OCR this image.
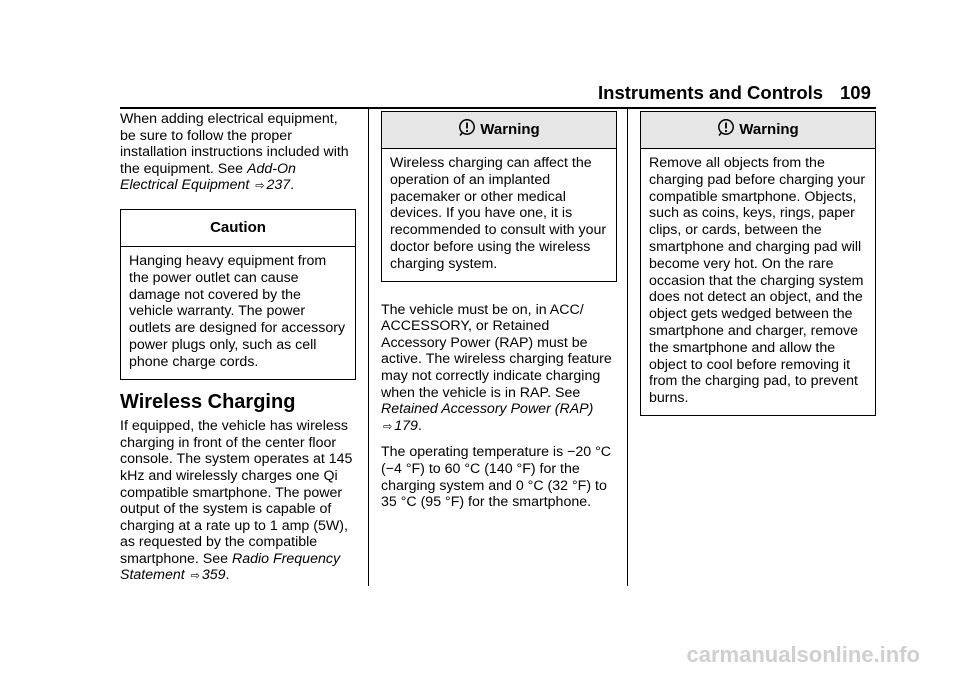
Instruments and Controls 109

When adding electrical equipment, be sure to follow the proper installation instructions included with the equipment. See Add-On Electrical Equipment ⇨ 237.

Caution
Hanging heavy equipment from the power outlet can cause damage not covered by the vehicle warranty. The power outlets are designed for accessory power plugs only, such as cell phone charge cords.
Wireless Charging

If equipped, the vehicle has wireless charging in front of the center floor console. The system operates at 145 kHz and wirelessly charges one Qi compatible smartphone. The power output of the system is capable of charging at a rate up to 1 amp (5W), as requested by the compatible smartphone. See Radio Frequency Statement ⇨ 359.

Warning
Wireless charging can affect the operation of an implanted pacemaker or other medical devices. If you have one, it is recommended to consult with your doctor before using the wireless charging system.

The vehicle must be on, in ACC/ ACCESSORY, or Retained Accessory Power (RAP) must be active. The wireless charging feature may not correctly indicate charging when the vehicle is in RAP. See Retained Accessory Power (RAP) ⇨ 179.

The operating temperature is −20 °C (−4 °F) to 60 °C (140 °F) for the charging system and 0 °C (32 °F) to 35 °C (95 °F) for the smartphone.

Warning
Remove all objects from the charging pad before charging your compatible smartphone. Objects, such as coins, keys, rings, paper clips, or cards, between the smartphone and charging pad will become very hot. On the rare occasion that the charging system does not detect an object, and the object gets wedged between the smartphone and charger, remove the smartphone and allow the object to cool before removing it from the charging pad, to prevent burns.
carmanualsonline.info
